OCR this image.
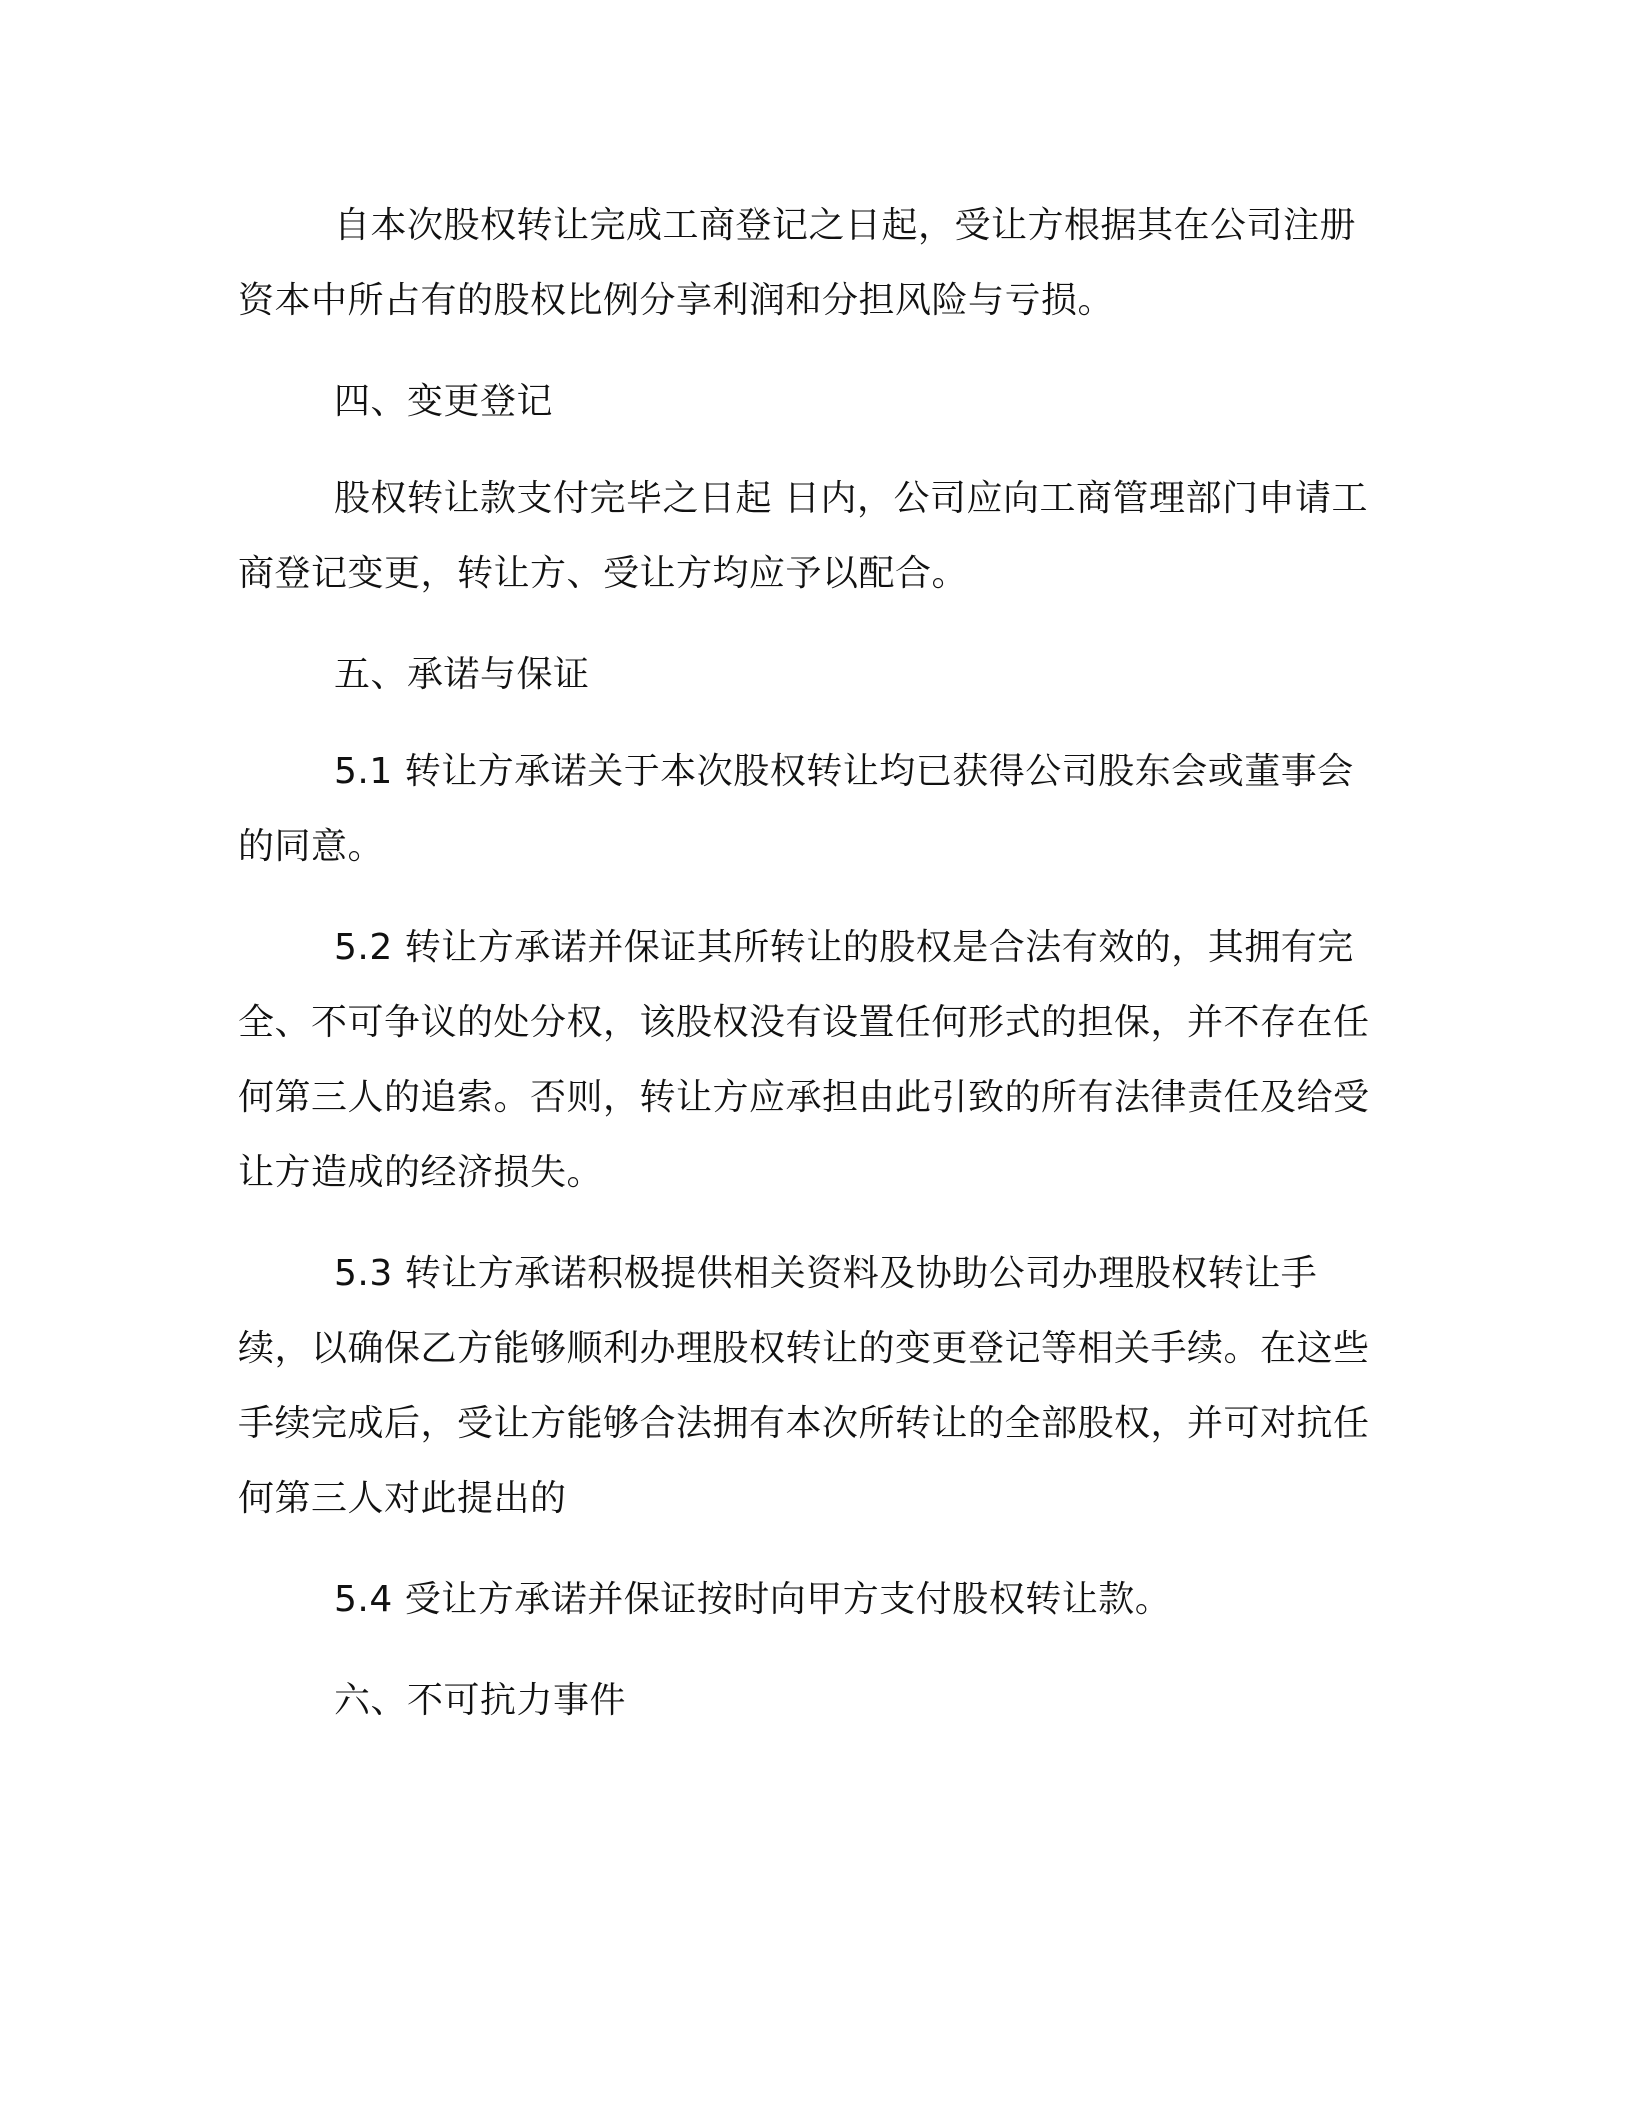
自本次股权转让完成工商登记之日起，受让方根据其在公司注册资本中所占有的股权比例分享利润和分担风险与亏损。

四、变更登记

股权转让款支付完毕之日起 日内，公司应向工商管理部门申请工商登记变更，转让方、受让方均应予以配合。

五、承诺与保证

5.1 转让方承诺关于本次股权转让均已获得公司股东会或董事会的同意。

5.2 转让方承诺并保证其所转让的股权是合法有效的，其拥有完全、不可争议的处分权，该股权没有设置任何形式的担保，并不存在任何第三人的追索。否则，转让方应承担由此引致的所有法律责任及给受让方造成的经济损失。

5.3 转让方承诺积极提供相关资料及协助公司办理股权转让手续，以确保乙方能够顺利办理股权转让的变更登记等相关手续。在这些手续完成后，受让方能够合法拥有本次所转让的全部股权，并可对抗任何第三人对此提出的

5.4 受让方承诺并保证按时向甲方支付股权转让款。

六、不可抗力事件
